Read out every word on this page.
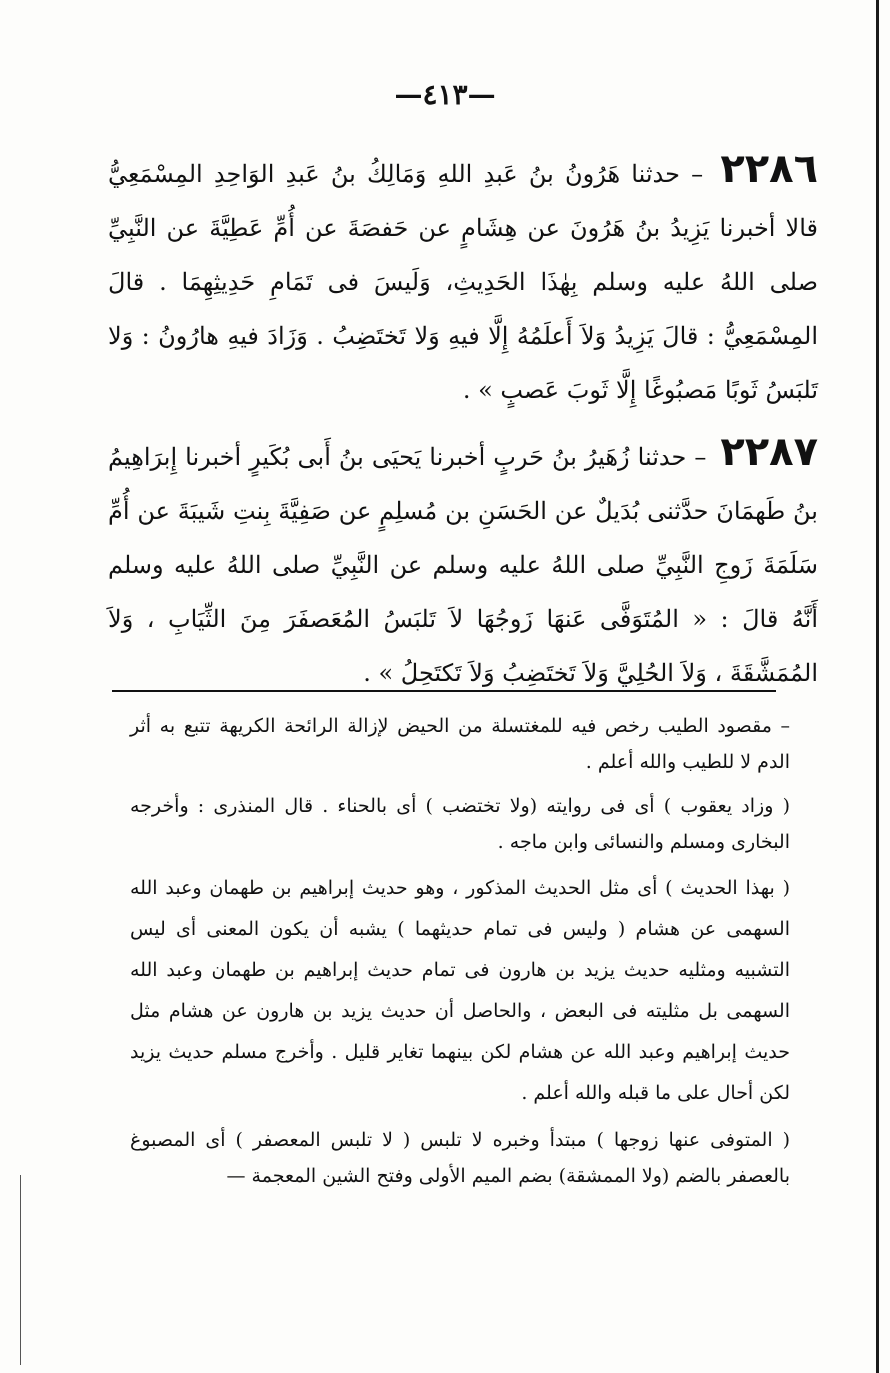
—٤١٣—

٢٢٨٦ – حدثنا هَرُونُ بنُ عَبدِ اللهِ وَمَالِكُ بنُ عَبدِ الوَاحِدِ المِسْمَعِيُّ قالا أخبرنا يَزِيدُ بنُ هَرُونَ عن هِشَامٍ عن حَفصَةَ عن أُمِّ عَطِيَّةَ عن النَّبِيِّ صلى اللهُ عليه وسلم بِهٰذَا الحَدِيثِ، وَلَيسَ فى تَمَامِ حَدِيثِهِمَا . قالَ المِسْمَعِيُّ : قالَ يَزِيدُ وَلاَ أَعلَمُهُ إِلَّا فيهِ وَلا تَختَضِبُ . وَزَادَ فيهِ هارُونُ : وَلا تَلبَسُ ثَوبًا مَصبُوغًا إِلَّا ثَوبَ عَصبٍ » .

٢٢٨٧ – حدثنا زُهَيرُ بنُ حَربٍ أخبرنا يَحيَى بنُ أَبى بُكَيرٍ أخبرنا إِبرَاهِيمُ بنُ طَهمَانَ حدَّثنى بُدَيلٌ عن الحَسَنِ بن مُسلِمٍ عن صَفِيَّةَ بِنتِ شَيبَةَ عن أُمِّ سَلَمَةَ زَوجِ النَّبِيِّ صلى اللهُ عليه وسلم عن النَّبِيِّ صلى اللهُ عليه وسلم أَنَّهُ قالَ : « المُتَوَفَّى عَنهَا زَوجُهَا لاَ تَلبَسُ المُعَصفَرَ مِنَ الثِّيَابِ ، وَلاَ المُمَشَّقَةَ ، وَلاَ الحُلِيَّ وَلاَ تَختَضِبُ وَلاَ تَكتَحِلُ » .

– مقصود الطيب رخص فيه للمغتسلة من الحيض لإزالة الرائحة الكريهة تتبع به أثر الدم لا للطيب والله أعلم .

( وزاد يعقوب ) أى فى روايته (ولا تختضب ) أى بالحناء . قال المنذرى : وأخرجه البخارى ومسلم والنسائى وابن ماجه .

( بهذا الحديث ) أى مثل الحديث المذكور ، وهو حديث إبراهيم بن طهمان وعبد الله السهمى عن هشام ( وليس فى تمام حديثهما ) يشبه أن يكون المعنى أى ليس التشبيه ومثليه حديث يزيد بن هارون فى تمام حديث إبراهيم بن طهمان وعبد الله السهمى بل مثليته فى البعض ، والحاصل أن حديث يزيد بن هارون عن هشام مثل حديث إبراهيم وعبد الله عن هشام لكن بينهما تغاير قليل . وأخرج مسلم حديث يزيد لكن أحال على ما قبله والله أعلم .

( المتوفى عنها زوجها ) مبتدأ وخبره لا تلبس ( لا تلبس المعصفر ) أى المصبوغ بالعصفر بالضم (ولا الممشقة) بضم الميم الأولى وفتح الشين المعجمة —
